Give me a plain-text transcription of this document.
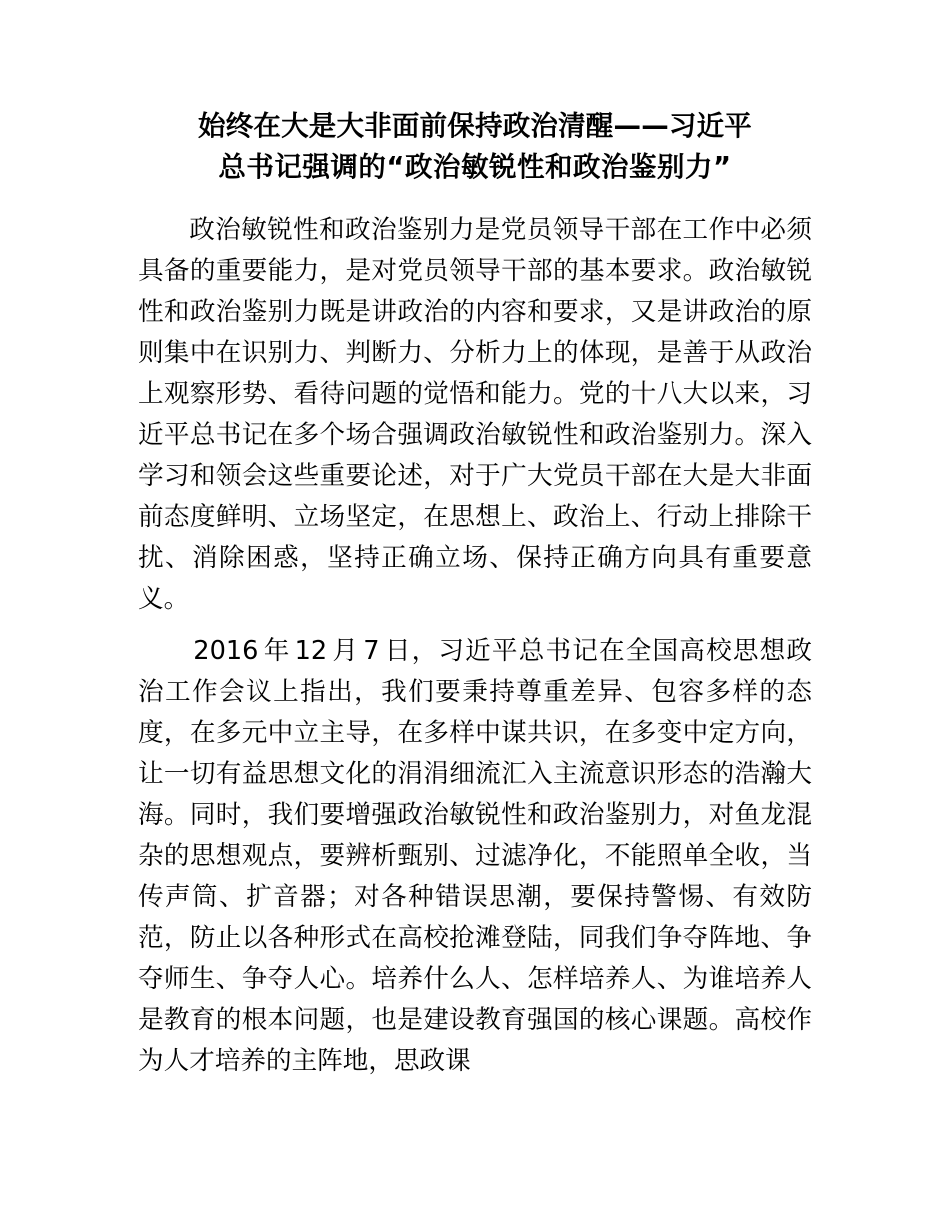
始终在大是大非面前保持政治清醒——习近平
总书记强调的“政治敏锐性和政治鉴别力”

政治敏锐性和政治鉴别力是党员领导干部在工作中必须具备的重要能力，是对党员领导干部的基本要求。政治敏锐性和政治鉴别力既是讲政治的内容和要求，又是讲政治的原则集中在识别力、判断力、分析力上的体现，是善于从政治上观察形势、看待问题的觉悟和能力。党的十八大以来，习近平总书记在多个场合强调政治敏锐性和政治鉴别力。深入学习和领会这些重要论述，对于广大党员干部在大是大非面前态度鲜明、立场坚定，在思想上、政治上、行动上排除干扰、消除困惑，坚持正确立场、保持正确方向具有重要意义。

2016 年 12 月 7 日，习近平总书记在全国高校思想政治工作会议上指出，我们要秉持尊重差异、包容多样的态度，在多元中立主导，在多样中谋共识，在多变中定方向，让一切有益思想文化的涓涓细流汇入主流意识形态的浩瀚大海。同时，我们要增强政治敏锐性和政治鉴别力，对鱼龙混杂的思想观点，要辨析甄别、过滤净化，不能照单全收，当传声筒、扩音器；对各种错误思潮，要保持警惕、有效防范，防止以各种形式在高校抢滩登陆，同我们争夺阵地、争夺师生、争夺人心。培养什么人、怎样培养人、为谁培养人是教育的根本问题，也是建设教育强国的核心课题。高校作为人才培养的主阵地，思政课
